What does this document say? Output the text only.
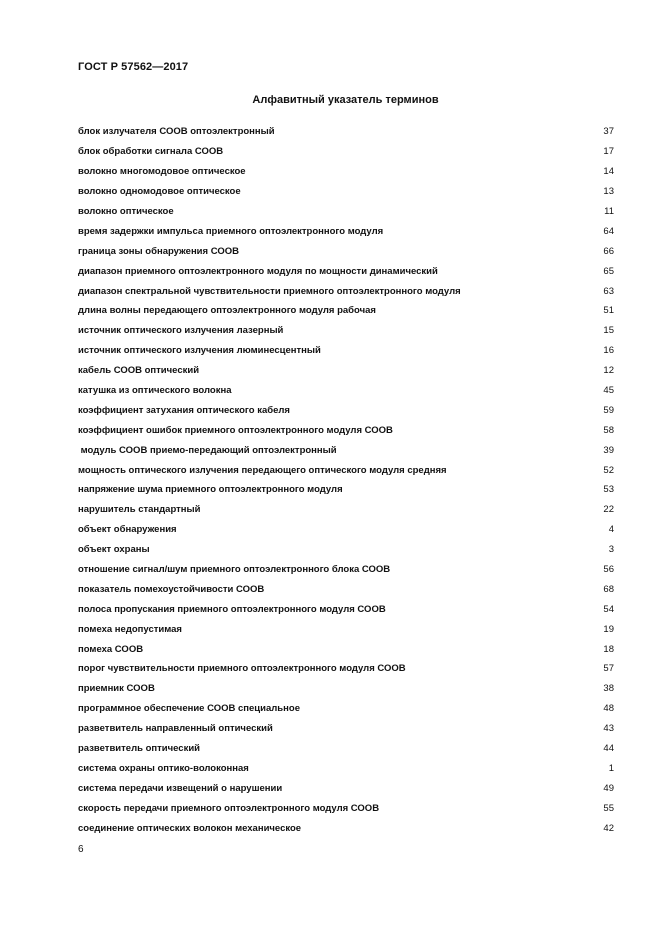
ГОСТ Р 57562—2017
Алфавитный указатель терминов
блок излучателя СООВ оптоэлектронный	37
блок обработки сигнала СООВ	17
волокно многомодовое оптическое	14
волокно одномодовое оптическое	13
волокно оптическое	11
время задержки импульса приемного оптоэлектронного модуля	64
граница зоны обнаружения СООВ	66
диапазон приемного оптоэлектронного модуля по мощности динамический	65
диапазон спектральной чувствительности приемного оптоэлектронного модуля	63
длина волны передающего оптоэлектронного модуля рабочая	51
источник оптического излучения лазерный	15
источник оптического излучения люминесцентный	16
кабель СООВ оптический	12
катушка из оптического волокна	45
коэффициент затухания оптического кабеля	59
коэффициент ошибок приемного оптоэлектронного модуля СООВ	58
модуль СООВ приемо-передающий оптоэлектронный	39
мощность оптического излучения передающего оптического модуля средняя	52
напряжение шума приемного оптоэлектронного модуля	53
нарушитель стандартный	22
объект обнаружения	4
объект охраны	3
отношение сигнал/шум приемного оптоэлектронного блока СООВ	56
показатель помехоустойчивости СООВ	68
полоса пропускания приемного оптоэлектронного модуля СООВ	54
помеха недопустимая	19
помеха СООВ	18
порог чувствительности приемного оптоэлектронного модуля СООВ	57
приемник СООВ	38
программное обеспечение СООВ специальное	48
разветвитель направленный оптический	43
разветвитель оптический	44
система охраны оптико-волоконная	1
система передачи извещений о нарушении	49
скорость передачи приемного оптоэлектронного модуля СООВ	55
соединение оптических волокон механическое	42
6
